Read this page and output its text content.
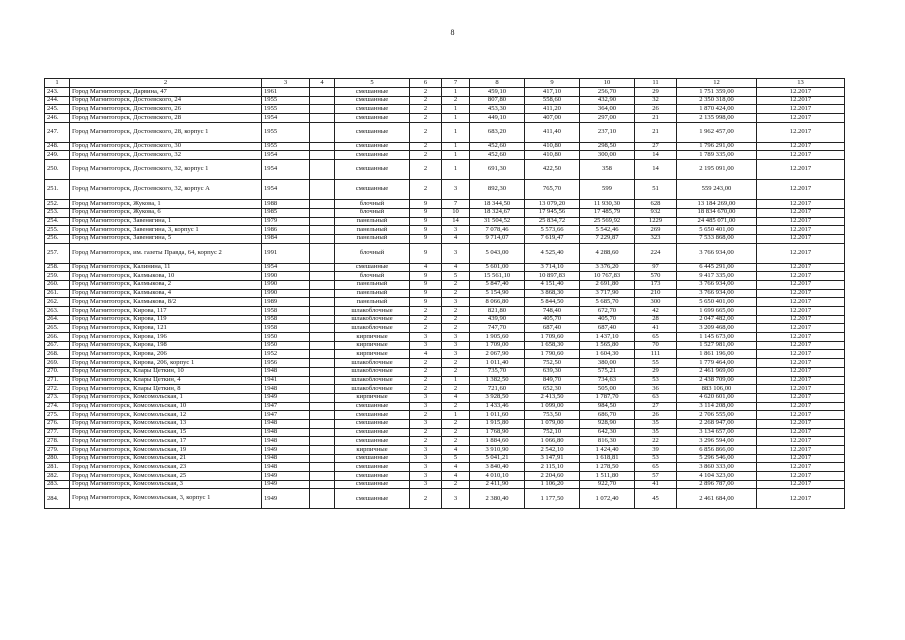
8
1	2	3	4	5	6	7	8	9	10	11	12	13
243.	Город Магнитогорск, Дарвина, 47	1961		смешанные	2	1	459,10	417,10	256,70	29	1 751 359,00	12.2017
244.	Город Магнитогорск, Достоевского, 24	1955		смешанные	2	2	807,80	558,60	432,90	32	2 350 318,00	12.2017
245.	Город Магнитогорск, Достоевского, 26	1955		смешанные	2	1	453,30	411,20	364,00	26	1 870 424,00	12.2017
246.	Город Магнитогорск, Достоевского, 28	1954		смешанные	2	1	449,10	407,00	297,00	21	2 135 998,00	12.2017
247.	Город Магнитогорск, Достоевского, 28, корпус 1	1955		смешанные	2	1	683,20	411,40	237,10	21	1 962 457,00	12.2017
248.	Город Магнитогорск, Достоевского, 30	1955		смешанные	2	1	452,60	410,80	298,50	27	1 796 291,00	12.2017
249.	Город Магнитогорск, Достоевского, 32	1954		смешанные	2	1	452,60	410,80	300,00	14	1 789 335,00	12.2017
250.	Город Магнитогорск, Достоевского, 32, корпус 1	1954		смешанные	2	1	691,30	422,50	358	14	2 195 091,00	12.2017
251.	Город Магнитогорск, Достоевского, 32, корпус А	1954		смешанные	2	3	892,30	765,70	599	51	559 243,00	12.2017
252.	Город Магнитогорск, Жукова, 1	1988		блочный	9	7	18 344,50	13 079,20	11 930,30	628	13 184 269,00	12.2017
253.	Город Магнитогорск, Жукова, 6	1985		блочный	9	10	18 324,67	17 945,56	17 485,79	932	18 834 670,00	12.2017
254.	Город Магнитогорск, Завенягина, 1	1979		панельный	9	14	31 504,52	25 834,72	25 569,92	1229	24 485 071,00	12.2017
255.	Город Магнитогорск, Завенягина, 3, корпус 1	1986		панельный	9	3	7 078,46	5 573,66	5 542,46	269	5 650 401,00	12.2017
256.	Город Магнитогорск, Завенягина, 5	1984		панельный	9	4	9 714,07	7 619,47	7 229,87	323	7 533 868,00	12.2017
257.	Город Магнитогорск, им. газеты Правда, 64, корпус 2	1991		блочный	9	3	5 043,00	4 525,40	4 288,60	224	3 766 934,00	12.2017
258.	Город Магнитогорск, Калинина, 11	1954		смешанные	4	4	5 601,00	3 714,10	3 376,20	97	6 445 291,00	12.2017
259.	Город Магнитогорск, Калмыкова, 10	1990		блочный	9	5	15 561,10	10 897,83	10 767,83	570	9 417 335,00	12.2017
260.	Город Магнитогорск, Калмыкова, 2	1990		панельный	9	2	5 847,40	4 151,40	2 691,80	173	3 766 934,00	12.2017
261.	Город Магнитогорск, Калмыкова, 4	1990		панельный	9	2	5 154,90	3 868,30	3 717,90	210	3 766 934,00	12.2017
262.	Город Магнитогорск, Калмыкова, 8/2	1989		панельный	9	3	8 066,80	5 844,50	5 685,70	300	5 650 401,00	12.2017
263.	Город Магнитогорск, Кирова, 117	1958		шлакоблочные	2	2	821,80	748,40	672,70	42	1 699 665,00	12.2017
264.	Город Магнитогорск, Кирова, 119	1958		шлакоблочные	2	2	439,90	405,70	405,70	28	2 047 482,00	12.2017
265.	Город Магнитогорск, Кирова, 121	1958		шлакоблочные	2	2	747,70	687,40	687,40	41	3 209 468,00	12.2017
266.	Город Магнитогорск, Кирова, 196	1950		кирпичные	3	3	1 905,60	1 709,60	1 437,10	65	1 145 673,00	12.2017
267.	Город Магнитогорск, Кирова, 198	1950		кирпичные	3	3	1 709,00	1 658,30	1 565,80	70	1 527 981,00	12.2017
268.	Город Магнитогорск, Кирова, 206	1952		кирпичные	4	3	2 067,90	1 790,60	1 604,30	111	1 861 196,00	12.2017
269.	Город Магнитогорск, Кирова, 206, корпус 1	1956		шлакоблочные	2	2	1 011,40	752,50	380,00	55	1 779 464,00	12.2017
270.	Город Магнитогорск, Клары Цеткин, 10	1948		шлакоблочные	2	2	735,70	639,30	575,21	29	2 461 969,00	12.2017
271.	Город Магнитогорск, Клары Цеткин, 4	1941		шлакоблочные	2	1	1 382,50	849,70	734,63	53	2 438 709,00	12.2017
272.	Город Магнитогорск, Клары Цеткин, 8	1948		шлакоблочные	2	2	721,60	652,30	505,00	36	883 106,00	12.2017
273.	Город Магнитогорск, Комсомольская, 1	1949		кирпичные	3	4	3 928,50	2 413,50	1 787,70	63	4 620 601,00	12.2017
274.	Город Магнитогорск, Комсомольская, 10	1947		смешанные	3	2	1 433,46	1 099,00	984,50	27	3 114 208,00	12.2017
275.	Город Магнитогорск, Комсомольская, 12	1947		смешанные	2	1	1 011,60	753,50	686,70	26	2 706 555,00	12.2017
276.	Город Магнитогорск, Комсомольская, 13	1948		смешанные	3	2	1 915,80	1 079,00	928,90	35	2 268 947,00	12.2017
277.	Город Магнитогорск, Комсомольская, 15	1948		смешанные	2	2	1 768,90	752,10	642,30	35	3 134 657,00	12.2017
278.	Город Магнитогорск, Комсомольская, 17	1948		смешанные	2	2	1 884,60	1 066,80	816,30	22	3 296 594,00	12.2017
279.	Город Магнитогорск, Комсомольская, 19	1949		кирпичные	3	4	3 910,90	2 542,10	1 424,40	39	6 856 866,00	12.2017
280.	Город Магнитогорск, Комсомольская, 21	1948		смешанные	3	5	5 041,21	3 147,91	1 618,81	53	5 296 546,00	12.2017
281.	Город Магнитогорск, Комсомольская, 23	1948		смешанные	3	4	3 840,40	2 115,10	1 278,50	65	3 860 333,00	12.2017
282.	Город Магнитогорск, Комсомольская, 25	1949		смешанные	3	4	4 010,10	2 204,60	1 511,80	57	4 104 323,00	12.2017
283.	Город Магнитогорск, Комсомольская, 3	1949		смешанные	3	2	2 411,90	1 106,20	922,70	41	2 896 787,00	12.2017
284.	Город Магнитогорск, Комсомольская, 3, корпус 1	1949		смешанные	2	3	2 380,40	1 177,50	1 072,40	45	2 461 684,00	12.2017
